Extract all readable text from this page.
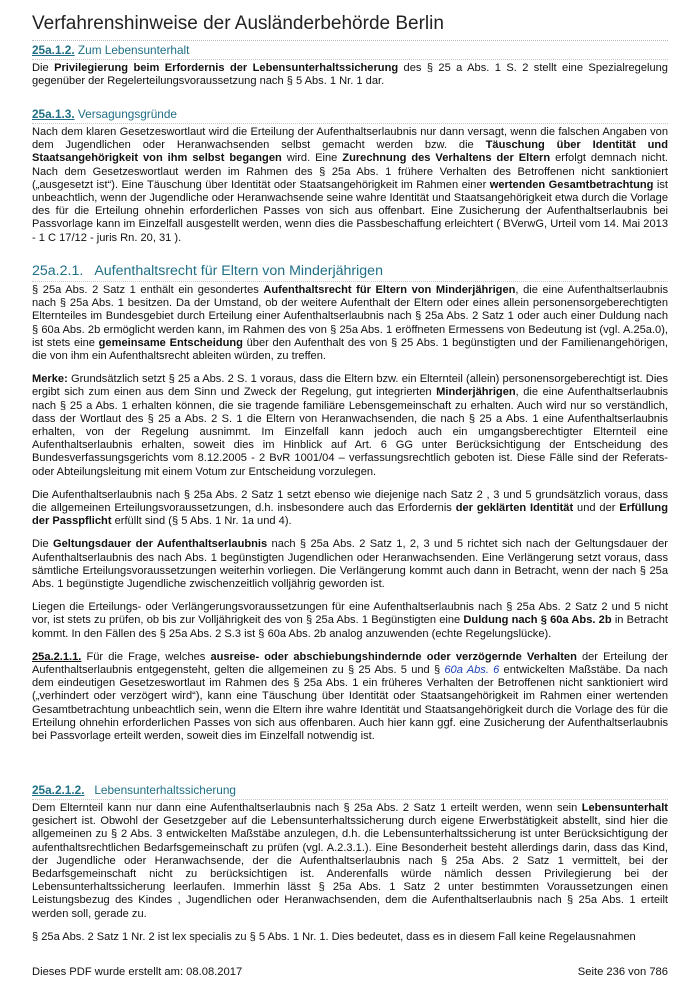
Verfahrenshinweise der Ausländerbehörde Berlin
25a.1.2. Zum Lebensunterhalt

Die Privilegierung beim Erfordernis der Lebensunterhaltssicherung des § 25 a Abs. 1 S. 2 stellt eine Spezialregelung gegenüber der Regelerteilungsvoraussetzung nach § 5 Abs. 1 Nr. 1 dar.

25a.1.3. Versagungsgründe

Nach dem klaren Gesetzeswortlaut wird die Erteilung der Aufenthaltserlaubnis nur dann versagt, wenn die falschen Angaben von dem Jugendlichen oder Heranwachsenden selbst gemacht werden bzw. die Täuschung über Identität und Staatsangehörigkeit von ihm selbst begangen wird. Eine Zurechnung des Verhaltens der Eltern erfolgt demnach nicht. Nach dem Gesetzeswortlaut werden im Rahmen des § 25a Abs. 1 frühere Verhalten des Betroffenen nicht sanktioniert („ausgesetzt ist“). Eine Täuschung über Identität oder Staatsangehörigkeit im Rahmen einer wertenden Gesamtbetrachtung ist unbeachtlich, wenn der Jugendliche oder Heranwachsende seine wahre Identität und Staatsangehörigkeit etwa durch die Vorlage des für die Erteilung ohnehin erforderlichen Passes von sich aus offenbart. Eine Zusicherung der Aufenthaltserlaubnis bei Passvorlage kann im Einzelfall ausgestellt werden, wenn dies die Passbeschaffung erleichtert ( BVerwG, Urteil vom 14. Mai 2013 - 1 C 17/12 - juris Rn. 20, 31 ).

25a.2.1. Aufenthaltsrecht für Eltern von Minderjährigen

§ 25a Abs. 2 Satz 1 enthält ein gesondertes Aufenthaltsrecht für Eltern von Minderjährigen, die eine Aufenthaltserlaubnis nach § 25a Abs. 1 besitzen. Da der Umstand, ob der weitere Aufenthalt der Eltern oder eines allein personensorgeberechtigten Elternteiles im Bundesgebiet durch Erteilung einer Aufenthaltserlaubnis nach § 25a Abs. 2 Satz 1 oder auch einer Duldung nach § 60a Abs. 2b ermöglicht werden kann, im Rahmen des von § 25a Abs. 1 eröffneten Ermessens von Bedeutung ist (vgl. A.25a.0), ist stets eine gemeinsame Entscheidung über den Aufenthalt des von § 25 Abs. 1 begünstigten und der Familienangehörigen, die von ihm ein Aufenthaltsrecht ableiten würden, zu treffen.

Merke: Grundsätzlich setzt § 25 a Abs. 2 S. 1 voraus, dass die Eltern bzw. ein Elternteil (allein) personensorgeberechtigt ist. Dies ergibt sich zum einen aus dem Sinn und Zweck der Regelung, gut integrierten Minderjährigen, die eine Aufenthaltserlaubnis nach § 25 a Abs. 1 erhalten können, die sie tragende familiäre Lebensgemeinschaft zu erhalten. Auch wird nur so verständlich, dass der Wortlaut des § 25 a Abs. 2 S. 1 die Eltern von Heranwachsenden, die nach § 25 a Abs. 1 eine Aufenthaltserlaubnis erhalten, von der Regelung ausnimmt. Im Einzelfall kann jedoch auch ein umgangsberechtigter Elternteil eine Aufenthaltserlaubnis erhalten, soweit dies im Hinblick auf Art. 6 GG unter Berücksichtigung der Entscheidung des Bundesverfassungsgerichts vom 8.12.2005 - 2 BvR 1001/04 – verfassungsrechtlich geboten ist. Diese Fälle sind der Referats- oder Abteilungsleitung mit einem Votum zur Entscheidung vorzulegen.

Die Aufenthaltserlaubnis nach § 25a Abs. 2 Satz 1 setzt ebenso wie diejenige nach Satz 2 , 3 und 5 grundsätzlich voraus, dass die allgemeinen Erteilungsvoraussetzungen, d.h. insbesondere auch das Erfordernis der geklärten Identität und der Erfüllung der Passpflicht erfüllt sind (§ 5 Abs. 1 Nr. 1a und 4).

Die Geltungsdauer der Aufenthaltserlaubnis nach § 25a Abs. 2 Satz 1, 2, 3 und 5 richtet sich nach der Geltungsdauer der Aufenthaltserlaubnis des nach Abs. 1 begünstigten Jugendlichen oder Heranwachsenden. Eine Verlängerung setzt voraus, dass sämtliche Erteilungsvoraussetzungen weiterhin vorliegen. Die Verlängerung kommt auch dann in Betracht, wenn der nach § 25a Abs. 1 begünstigte Jugendliche zwischenzeitlich volljährig geworden ist.

Liegen die Erteilungs- oder Verlängerungsvoraussetzungen für eine Aufenthaltserlaubnis nach § 25a Abs. 2 Satz 2 und 5 nicht vor, ist stets zu prüfen, ob bis zur Volljährigkeit des von § 25a Abs. 1 Begünstigten eine Duldung nach § 60a Abs. 2b in Betracht kommt. In den Fällen des § 25a Abs. 2 S.3 ist § 60a Abs. 2b analog anzuwenden (echte Regelungslücke).

25a.2.1.1. Für die Frage, welches ausreise- oder abschiebungshindernde oder verzögernde Verhalten der Erteilung der Aufenthaltserlaubnis entgegensteht, gelten die allgemeinen zu § 25 Abs. 5 und § 60a Abs. 6 entwickelten Maßstäbe. Da nach dem eindeutigen Gesetzeswortlaut im Rahmen des § 25a Abs. 1 ein früheres Verhalten der Betroffenen nicht sanktioniert wird („verhindert oder verzögert wird“), kann eine Täuschung über Identität oder Staatsangehörigkeit im Rahmen einer wertenden Gesamtbetrachtung unbeachtlich sein, wenn die Eltern ihre wahre Identität und Staatsangehörigkeit durch die Vorlage des für die Erteilung ohnehin erforderlichen Passes von sich aus offenbaren. Auch hier kann ggf. eine Zusicherung der Aufenthaltserlaubnis bei Passvorlage erteilt werden, soweit dies im Einzelfall notwendig ist.

25a.2.1.2. Lebensunterhaltssicherung

Dem Elternteil kann nur dann eine Aufenthaltserlaubnis nach § 25a Abs. 2 Satz 1 erteilt werden, wenn sein Lebensunterhalt gesichert ist. Obwohl der Gesetzgeber auf die Lebensunterhaltssicherung durch eigene Erwerbstätigkeit abstellt, sind hier die allgemeinen zu § 2 Abs. 3 entwickelten Maßstäbe anzulegen, d.h. die Lebensunterhaltssicherung ist unter Berücksichtigung der aufenthaltsrechtlichen Bedarfsgemeinschaft zu prüfen (vgl. A.2.3.1.). Eine Besonderheit besteht allerdings darin, dass das Kind, der Jugendliche oder Heranwachsende, der die Aufenthaltserlaubnis nach § 25a Abs. 2 Satz 1 vermittelt, bei der Bedarfsgemeinschaft nicht zu berücksichtigen ist. Anderenfalls würde nämlich dessen Privilegierung bei der Lebensunterhaltssicherung leerlaufen. Immerhin lässt § 25a Abs. 1 Satz 2 unter bestimmten Voraussetzungen einen Leistungsbezug des Kindes , Jugendlichen oder Heranwachsenden, dem die Aufenthaltserlaubnis nach § 25a Abs. 1 erteilt werden soll, gerade zu.

§ 25a Abs. 2 Satz 1 Nr. 2 ist lex specialis zu § 5 Abs. 1 Nr. 1. Dies bedeutet, dass es in diesem Fall keine Regelausnahmen

Dieses PDF wurde erstellt am: 08.08.2017	Seite 236 von 786
